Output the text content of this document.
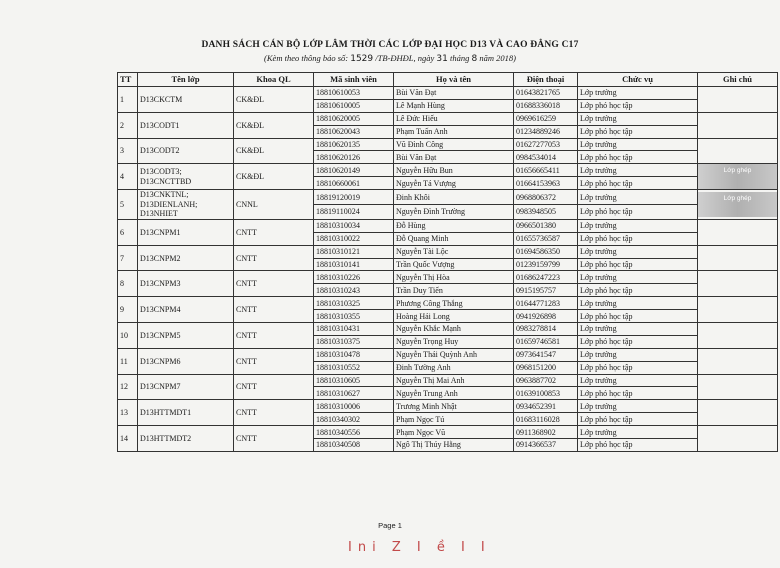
DANH SÁCH CÁN BỘ LỚP LÂM THỜI CÁC LỚP ĐẠI HỌC D13 VÀ CAO ĐẲNG C17
(Kèm theo thông báo số: 1529 /TB-ĐHĐL, ngày 31 tháng 8 năm 2018)
TT	Tên lớp	Khoa QL	Mã sinh viên	Họ và tên	Điện thoại	Chức vụ	Ghi chú
1	D13CKCTM	CK&ĐL	18810610053	Bùi Văn Đạt	01643821765	Lớp trưởng	
			18810610005	Lê Mạnh Hùng	01688336018	Lớp phó học tập	
2	D13CODT1	CK&ĐL	18810620005	Lê Đức Hiếu	0969616259	Lớp trưởng	
			18810620043	Phạm Tuấn Anh	01234889246	Lớp phó học tập	
3	D13CODT2	CK&ĐL	18810620135	Vũ Đình Công	01627277053	Lớp trưởng	
			18810620126	Bùi Văn Đạt	0984534014	Lớp phó học tập	
4	D13CODT3; D13CNCTTBD	CK&ĐL	18810620149	Nguyễn Hữu Bun	01656665411	Lớp trưởng	Lớp ghép

			18810660061	Nguyễn Tá Vượng	01664153963	Lớp phó học tập	
5	D13CNKTNL; D13DIENLANH; D13NHIET	CNNL	18819120019	Đinh Khôi	0968806372	Lớp trưởng	Lớp ghép

			18819110024	Nguyễn Đình Trường	0983948505	Lớp phó học tập	
6	D13CNPM1	CNTT	18810310034	Đỗ Hùng	0966501380	Lớp trưởng	
			18810310022	Đỗ Quang Minh	01655736587	Lớp phó học tập	
7	D13CNPM2	CNTT	18810310121	Nguyễn Tài Lộc	01694586350	Lớp trưởng	
			18810310141	Trần Quốc Vượng	01239159799	Lớp phó học tập	
8	D13CNPM3	CNTT	18810310226	Nguyễn Thị Hòa	01686247223	Lớp trưởng	
			18810310243	Trần Duy Tiến	0915195757	Lớp phó học tập	
9	D13CNPM4	CNTT	18810310325	Phương Công Thắng	01644771283	Lớp trưởng	
			18810310355	Hoàng Hải Long	0941926898	Lớp phó học tập	
10	D13CNPM5	CNTT	18810310431	Nguyễn Khắc Mạnh	0983278814	Lớp trưởng	
			18810310375	Nguyễn Trọng Huy	01659746581	Lớp phó học tập	
11	D13CNPM6	CNTT	18810310478	Nguyễn Thái Quỳnh Anh	0973641547	Lớp trưởng	
			18810310552	Đinh Tường Anh	0968151200	Lớp phó học tập	
12	D13CNPM7	CNTT	18810310605	Nguyễn Thị Mai Anh	0963887702	Lớp trưởng	
			18810310627	Nguyễn Trung Anh	01639100853	Lớp phó học tập	
13	D13HTTMDT1	CNTT	18810310006	Trương Minh Nhật	0934652391	Lớp trưởng	
			18810340302	Phạm Ngọc Tú	01683116028	Lớp phó học tập	
14	D13HTTMDT2	CNTT	18810340556	Phạm Ngọc Vũ	0911368902	Lớp trưởng	
			18810340508	Ngô Thị Thúy Hằng	0914366537	Lớp phó học tập	
Page 1
Ini Z I ề I I
